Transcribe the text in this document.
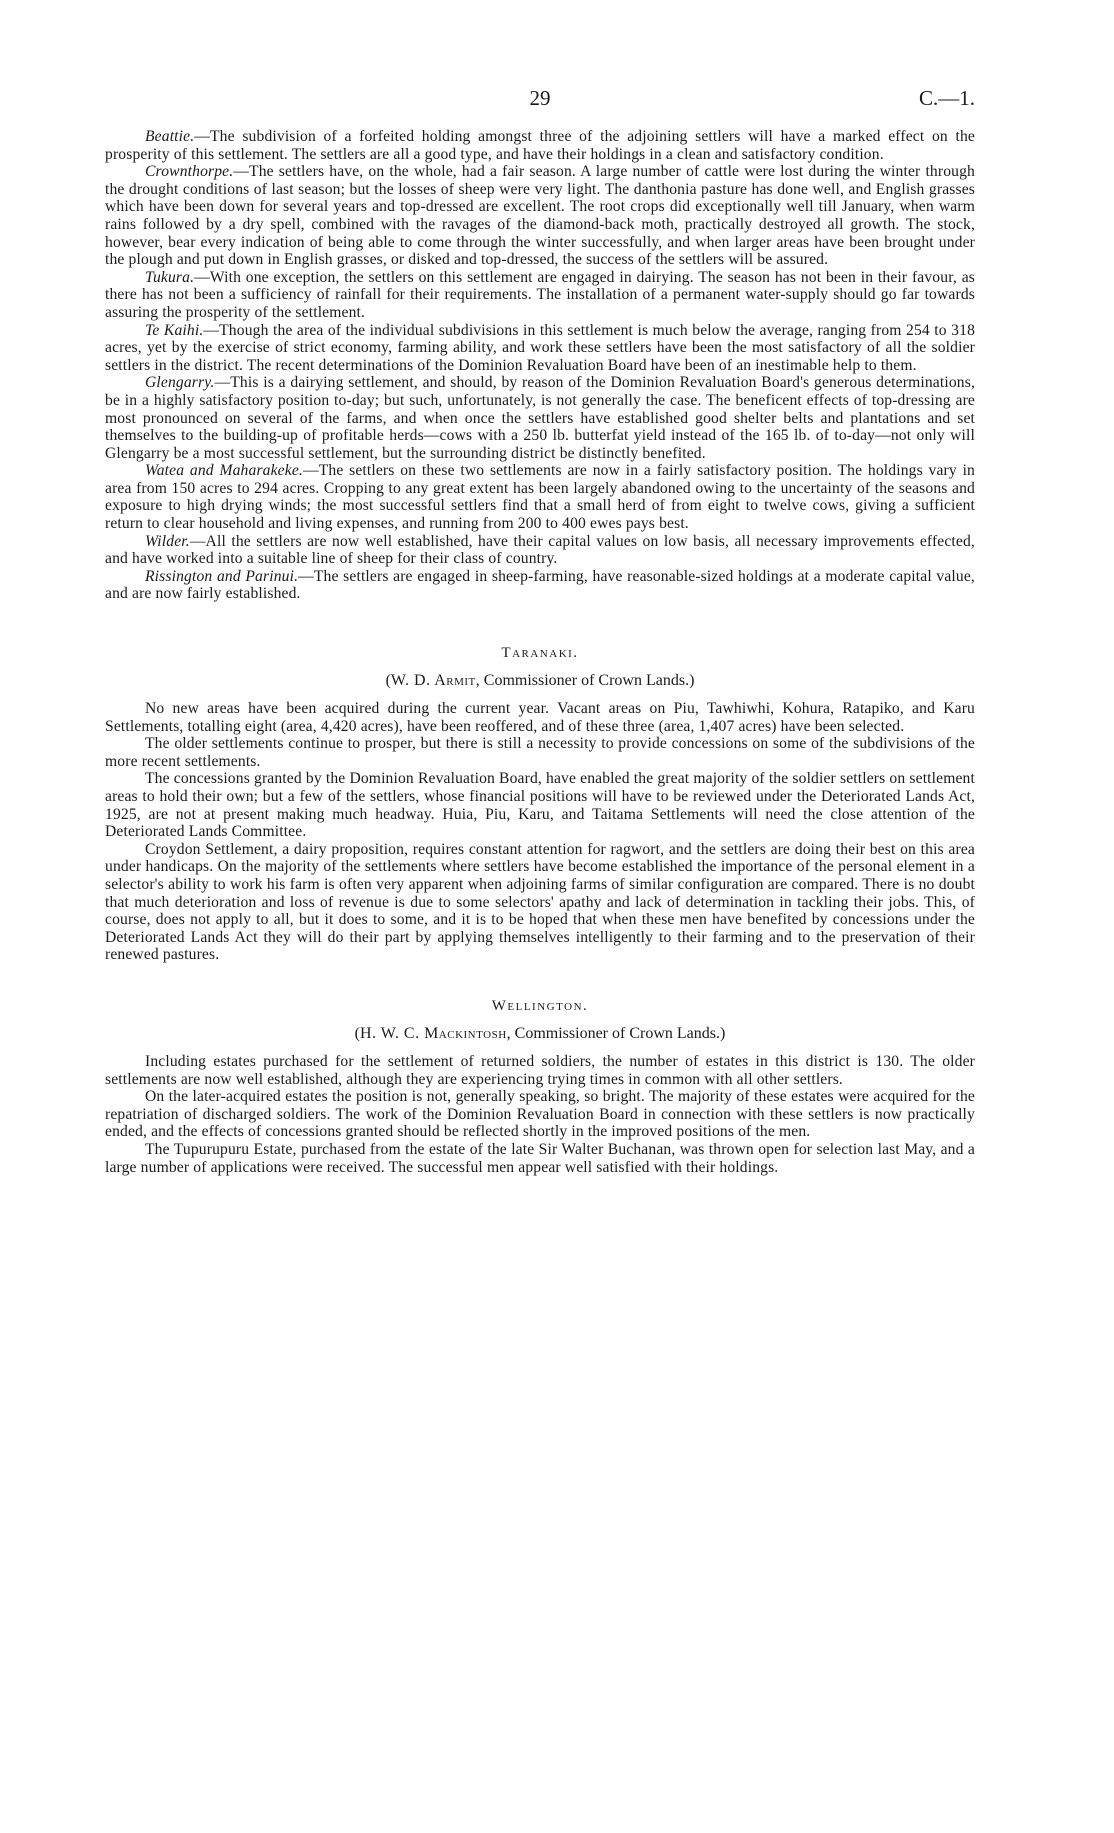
29	C.—1.

Beattie.—The subdivision of a forfeited holding amongst three of the adjoining settlers will have a marked effect on the prosperity of this settlement. The settlers are all a good type, and have their holdings in a clean and satisfactory condition.

Crownthorpe.—The settlers have, on the whole, had a fair season. A large number of cattle were lost during the winter through the drought conditions of last season; but the losses of sheep were very light. The danthonia pasture has done well, and English grasses which have been down for several years and top-dressed are excellent. The root crops did exceptionally well till January, when warm rains followed by a dry spell, combined with the ravages of the diamond-back moth, practically destroyed all growth. The stock, however, bear every indication of being able to come through the winter successfully, and when larger areas have been brought under the plough and put down in English grasses, or disked and top-dressed, the success of the settlers will be assured.

Tukura.—With one exception, the settlers on this settlement are engaged in dairying. The season has not been in their favour, as there has not been a sufficiency of rainfall for their requirements. The installation of a permanent water-supply should go far towards assuring the prosperity of the settlement.

Te Kaihi.—Though the area of the individual subdivisions in this settlement is much below the average, ranging from 254 to 318 acres, yet by the exercise of strict economy, farming ability, and work these settlers have been the most satisfactory of all the soldier settlers in the district. The recent determinations of the Dominion Revaluation Board have been of an inestimable help to them.

Glengarry.—This is a dairying settlement, and should, by reason of the Dominion Revaluation Board's generous determinations, be in a highly satisfactory position to-day; but such, unfortunately, is not generally the case. The beneficent effects of top-dressing are most pronounced on several of the farms, and when once the settlers have established good shelter belts and plantations and set themselves to the building-up of profitable herds—cows with a 250 lb. butterfat yield instead of the 165 lb. of to-day—not only will Glengarry be a most successful settlement, but the surrounding district be distinctly benefited.

Watea and Maharakeke.—The settlers on these two settlements are now in a fairly satisfactory position. The holdings vary in area from 150 acres to 294 acres. Cropping to any great extent has been largely abandoned owing to the uncertainty of the seasons and exposure to high drying winds; the most successful settlers find that a small herd of from eight to twelve cows, giving a sufficient return to clear household and living expenses, and running from 200 to 400 ewes pays best.

Wilder.—All the settlers are now well established, have their capital values on low basis, all necessary improvements effected, and have worked into a suitable line of sheep for their class of country.

Rissington and Parinui.—The settlers are engaged in sheep-farming, have reasonable-sized holdings at a moderate capital value, and are now fairly established.

Taranaki.
(W. D. Armit, Commissioner of Crown Lands.)

No new areas have been acquired during the current year. Vacant areas on Piu, Tawhiwhi, Kohura, Ratapiko, and Karu Settlements, totalling eight (area, 4,420 acres), have been reoffered, and of these three (area, 1,407 acres) have been selected.

The older settlements continue to prosper, but there is still a necessity to provide concessions on some of the subdivisions of the more recent settlements.

The concessions granted by the Dominion Revaluation Board, have enabled the great majority of the soldier settlers on settlement areas to hold their own; but a few of the settlers, whose financial positions will have to be reviewed under the Deteriorated Lands Act, 1925, are not at present making much headway. Huia, Piu, Karu, and Taitama Settlements will need the close attention of the Deteriorated Lands Committee.

Croydon Settlement, a dairy proposition, requires constant attention for ragwort, and the settlers are doing their best on this area under handicaps. On the majority of the settlements where settlers have become established the importance of the personal element in a selector's ability to work his farm is often very apparent when adjoining farms of similar configuration are compared. There is no doubt that much deterioration and loss of revenue is due to some selectors' apathy and lack of determination in tackling their jobs. This, of course, does not apply to all, but it does to some, and it is to be hoped that when these men have benefited by concessions under the Deteriorated Lands Act they will do their part by applying themselves intelligently to their farming and to the preservation of their renewed pastures.

Wellington.
(H. W. C. Mackintosh, Commissioner of Crown Lands.)

Including estates purchased for the settlement of returned soldiers, the number of estates in this district is 130. The older settlements are now well established, although they are experiencing trying times in common with all other settlers.

On the later-acquired estates the position is not, generally speaking, so bright. The majority of these estates were acquired for the repatriation of discharged soldiers. The work of the Dominion Revaluation Board in connection with these settlers is now practically ended, and the effects of concessions granted should be reflected shortly in the improved positions of the men.

The Tupurupuru Estate, purchased from the estate of the late Sir Walter Buchanan, was thrown open for selection last May, and a large number of applications were received. The successful men appear well satisfied with their holdings.
